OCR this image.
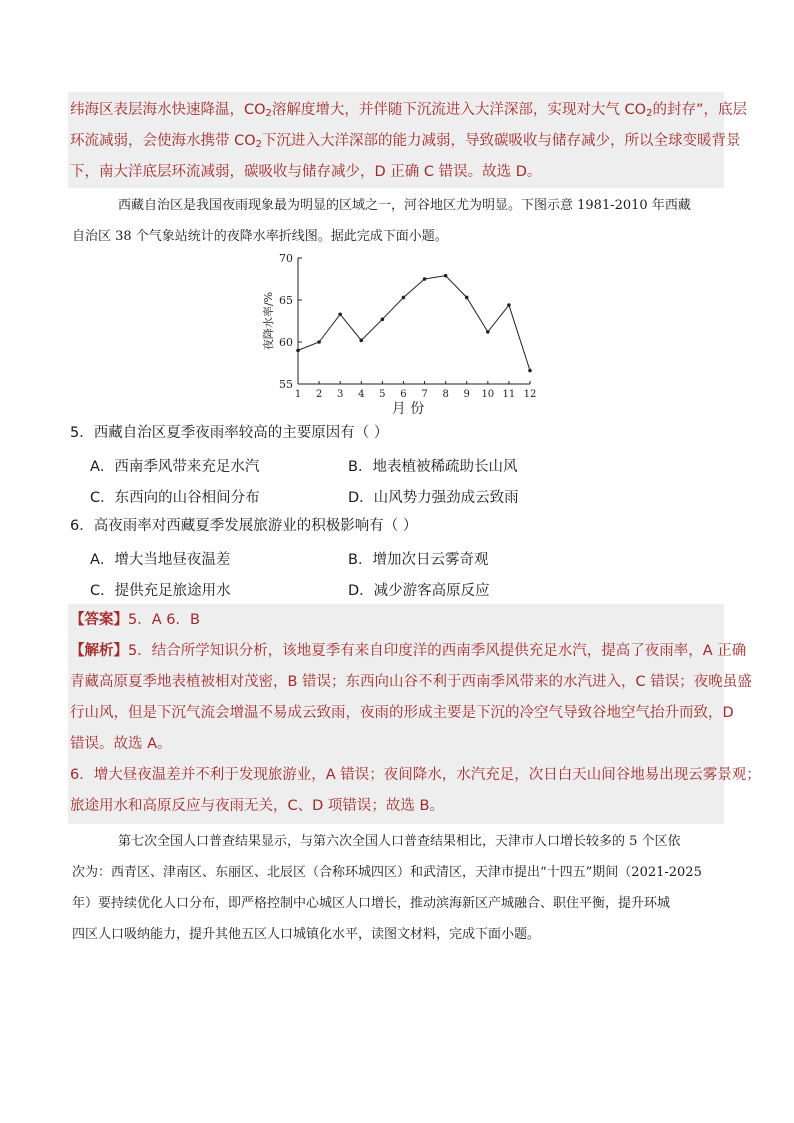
纬海区表层海水快速降温，$CO_2$溶解度增大，并伴随下沉流进入大洋深部，实现对大气 $CO_2$的封存”，底层
环流减弱，会使海水携带 $CO_2$下沉进入大洋深部的能力减弱，导致碳吸收与储存减少，所以全球变暖背景
下，南大洋底层环流减弱，碳吸收与储存减少，D 正确 C 错误。故选 D。
西藏自治区是我国夜雨现象最为明显的区域之一，河谷地区尤为明显。下图示意 1981-2010 年西藏
自治区 38 个气象站统计的夜降水率折线图。据此完成下面小题。
55
60
65
70
1 2 3 4 5 6 7 8 9 10 11 12
月 份
夜降水率/%
5．西藏自治区夏季夜雨率较高的主要原因有（ ）
A．西南季风带来充足水汽	B．地表植被稀疏助长山风
C．东西向的山谷相间分布	D．山风势力强劲成云致雨
6．高夜雨率对西藏夏季发展旅游业的积极影响有（ ）
A．增大当地昼夜温差	B．增加次日云雾奇观
C．提供充足旅途用水	D．减少游客高原反应
【答案】5．A 6．B
【解析】5．结合所学知识分析，该地夏季有来自印度洋的西南季风提供充足水汽，提高了夜雨率，A 正确
青藏高原夏季地表植被相对茂密，B 错误；东西向山谷不利于西南季风带来的水汽进入，C 错误；夜晚虽盛
行山风，但是下沉气流会增温不易成云致雨，夜雨的形成主要是下沉的冷空气导致谷地空气抬升而致，D
错误。故选 A。
6．增大昼夜温差并不利于发现旅游业，A 错误；夜间降水，水汽充足，次日白天山间谷地易出现云雾景观；
旅途用水和高原反应与夜雨无关，C、D 项错误；故选 B。
第七次全国人口普查结果显示，与第六次全国人口普查结果相比，天津市人口增长较多的 5 个区依
次为：西青区、津南区、东丽区、北辰区（合称环城四区）和武清区，天津市提出“十四五”期间（2021-2025
年）要持续优化人口分布，即严格控制中心城区人口增长，推动滨海新区产城融合、职住平衡，提升环城
四区人口吸纳能力，提升其他五区人口城镇化水平，读图文材料，完成下面小题。
